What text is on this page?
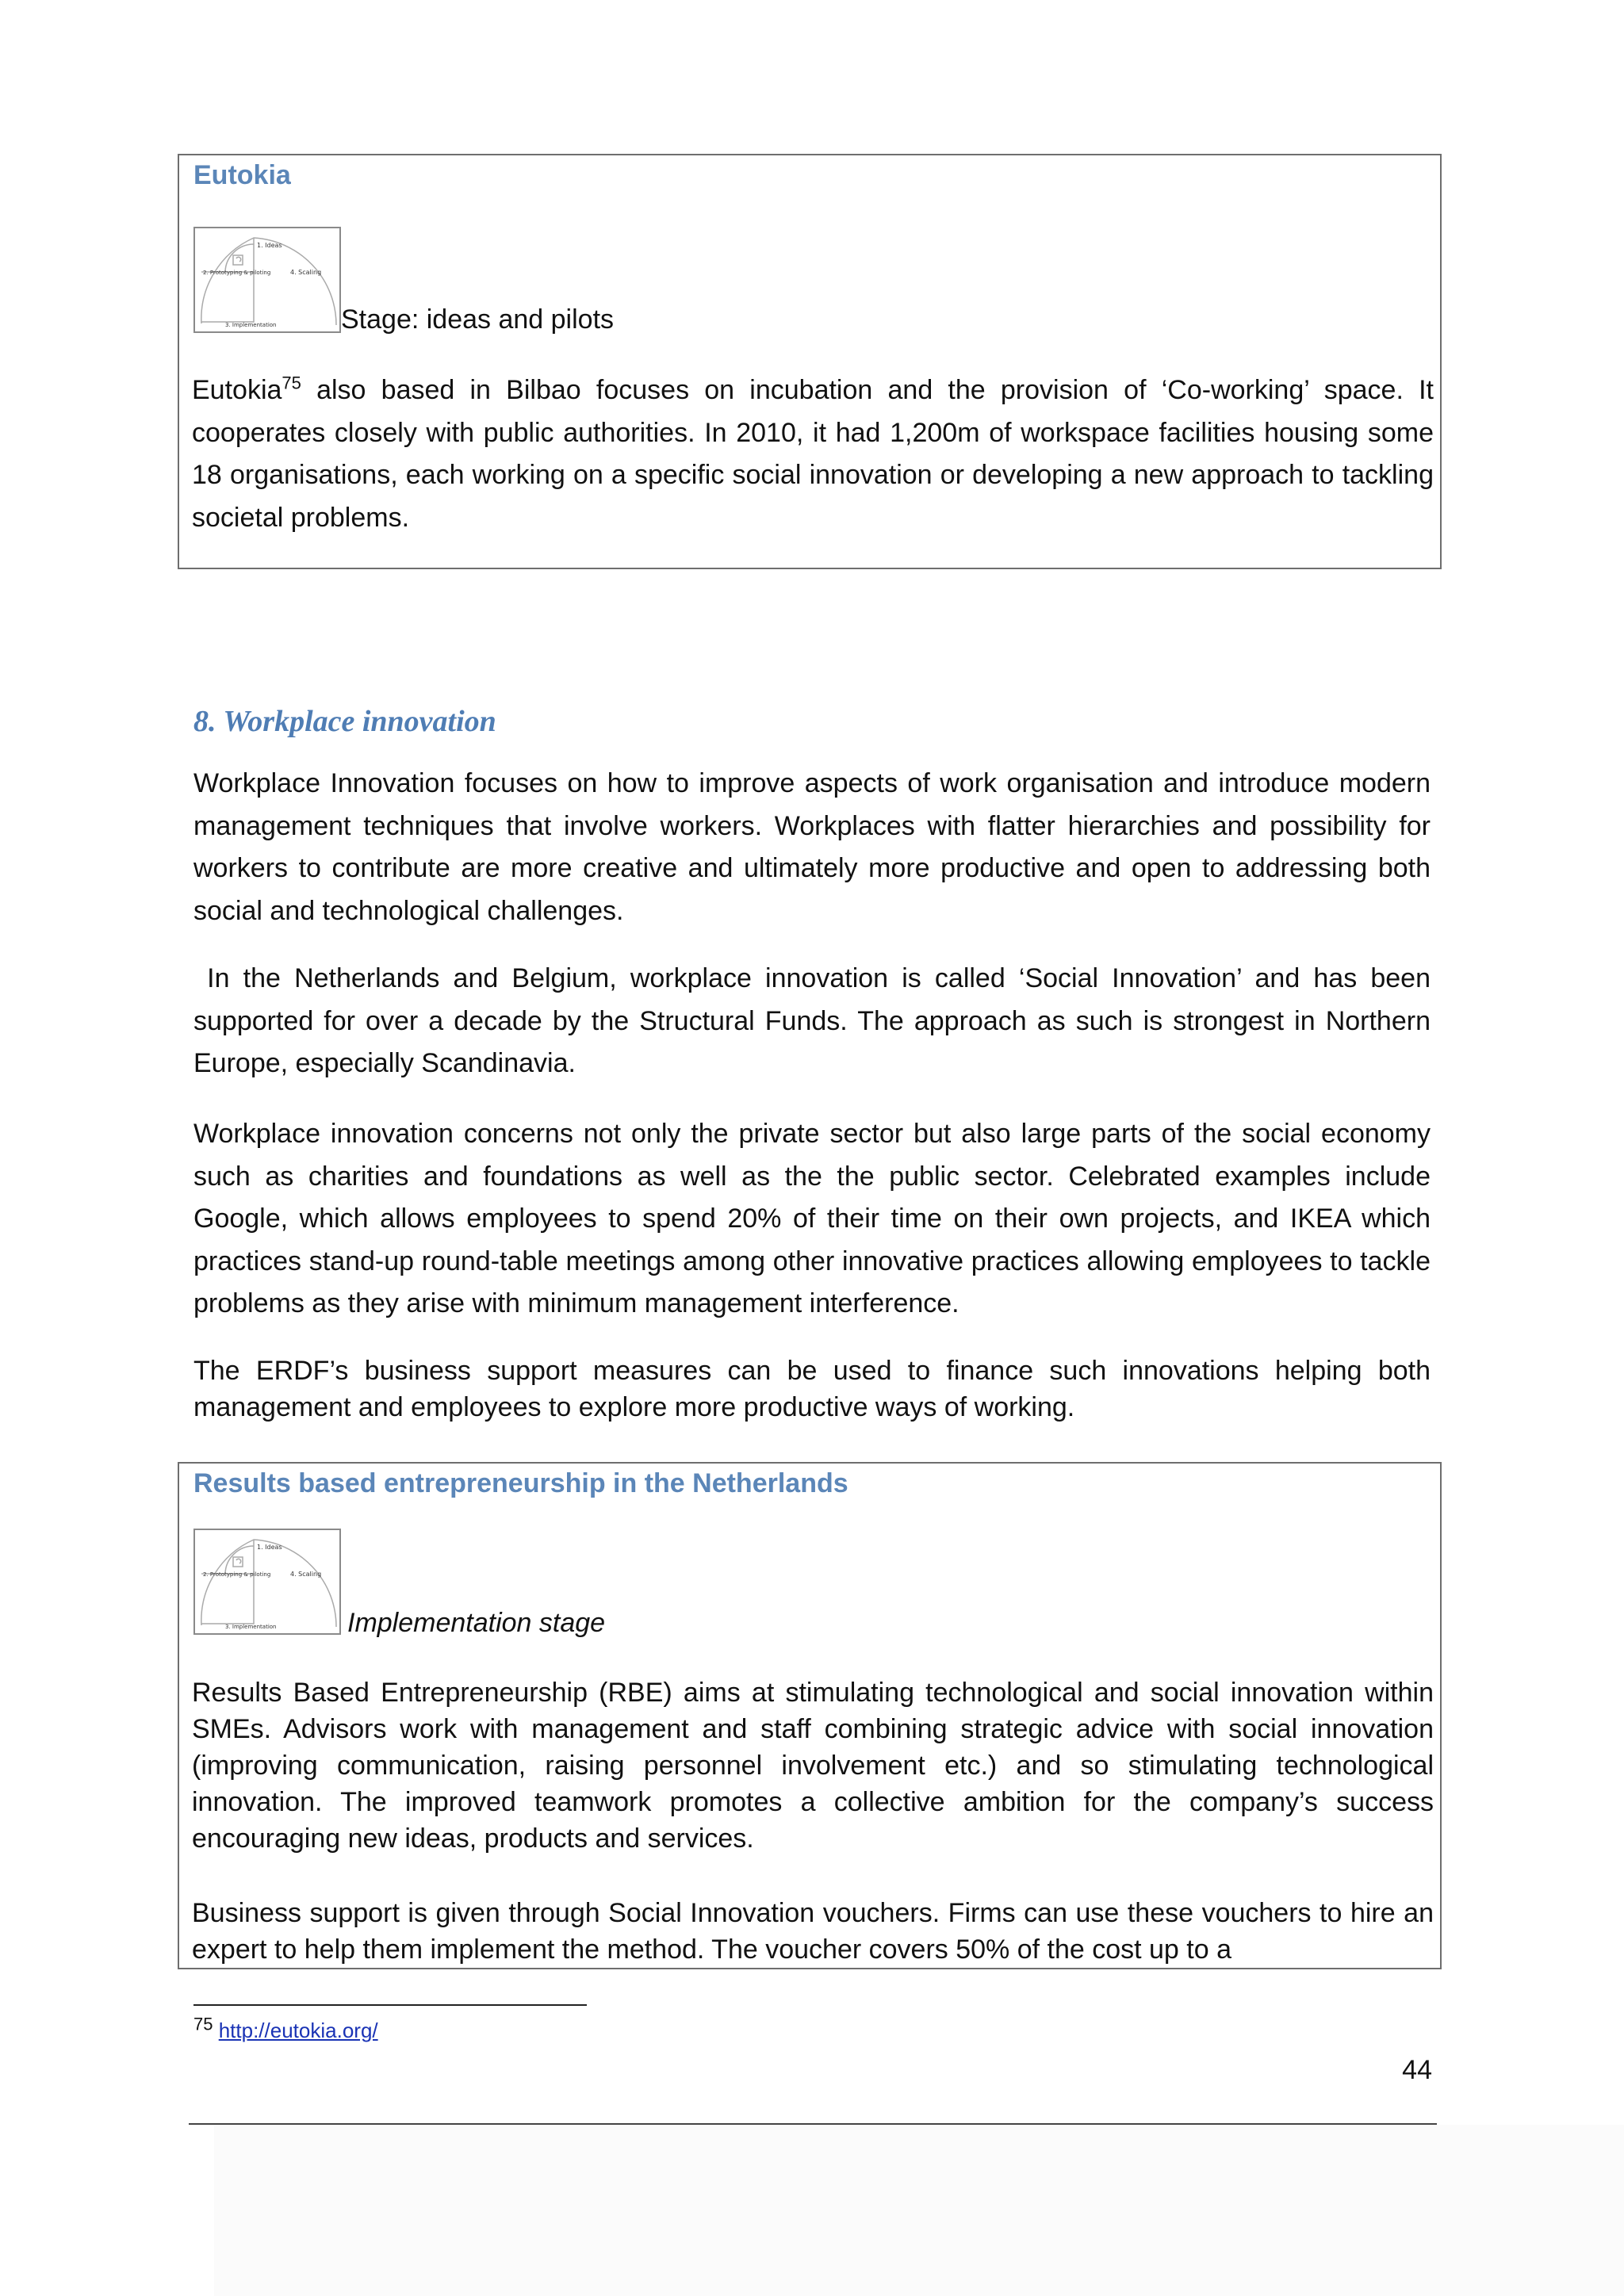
Eutokia
1. Ideas
2. Prototyping & piloting	4. Scaling
3. Implementation Stage: ideas and pilots

Eutokia$^{75}$ also based in Bilbao focuses on incubation and the provision of ‘Co-working’ space. It cooperates closely with public authorities. In 2010, it had 1,200m of workspace facilities housing some 18 organisations, each working on a specific social innovation or developing a new approach to tackling societal problems.

8. Workplace innovation

Workplace Innovation focuses on how to improve aspects of work organisation and introduce modern management techniques that involve workers. Workplaces with flatter hierarchies and possibility for workers to contribute are more creative and ultimately more productive and open to addressing both social and technological challenges.

In the Netherlands and Belgium, workplace innovation is called ‘Social Innovation’ and has been supported for over a decade by the Structural Funds. The approach as such is strongest in Northern Europe, especially Scandinavia.

Workplace innovation concerns not only the private sector but also large parts of the social economy such as charities and foundations as well as the the public sector. Celebrated examples include Google, which allows employees to spend 20% of their time on their own projects, and IKEA which practices stand-up round-table meetings among other innovative practices allowing employees to tackle problems as they arise with minimum management interference.

The ERDF’s business support measures can be used to finance such innovations helping both management and employees to explore more productive ways of working.

Results based entrepreneurship in the Netherlands
1. Ideas
2. Prototyping & piloting	4. Scaling
3. Implementation	Implementation stage

Results Based Entrepreneurship (RBE) aims at stimulating technological and social innovation within SMEs. Advisors work with management and staff combining strategic advice with social innovation (improving communication, raising personnel involvement etc.) and so stimulating technological innovation. The improved teamwork promotes a collective ambition for the company’s success encouraging new ideas, products and services.

Business support is given through Social Innovation vouchers. Firms can use these vouchers to hire an expert to help them implement the method. The voucher covers 50% of the cost up to a

$^{75}$ http://eutokia.org/
44
